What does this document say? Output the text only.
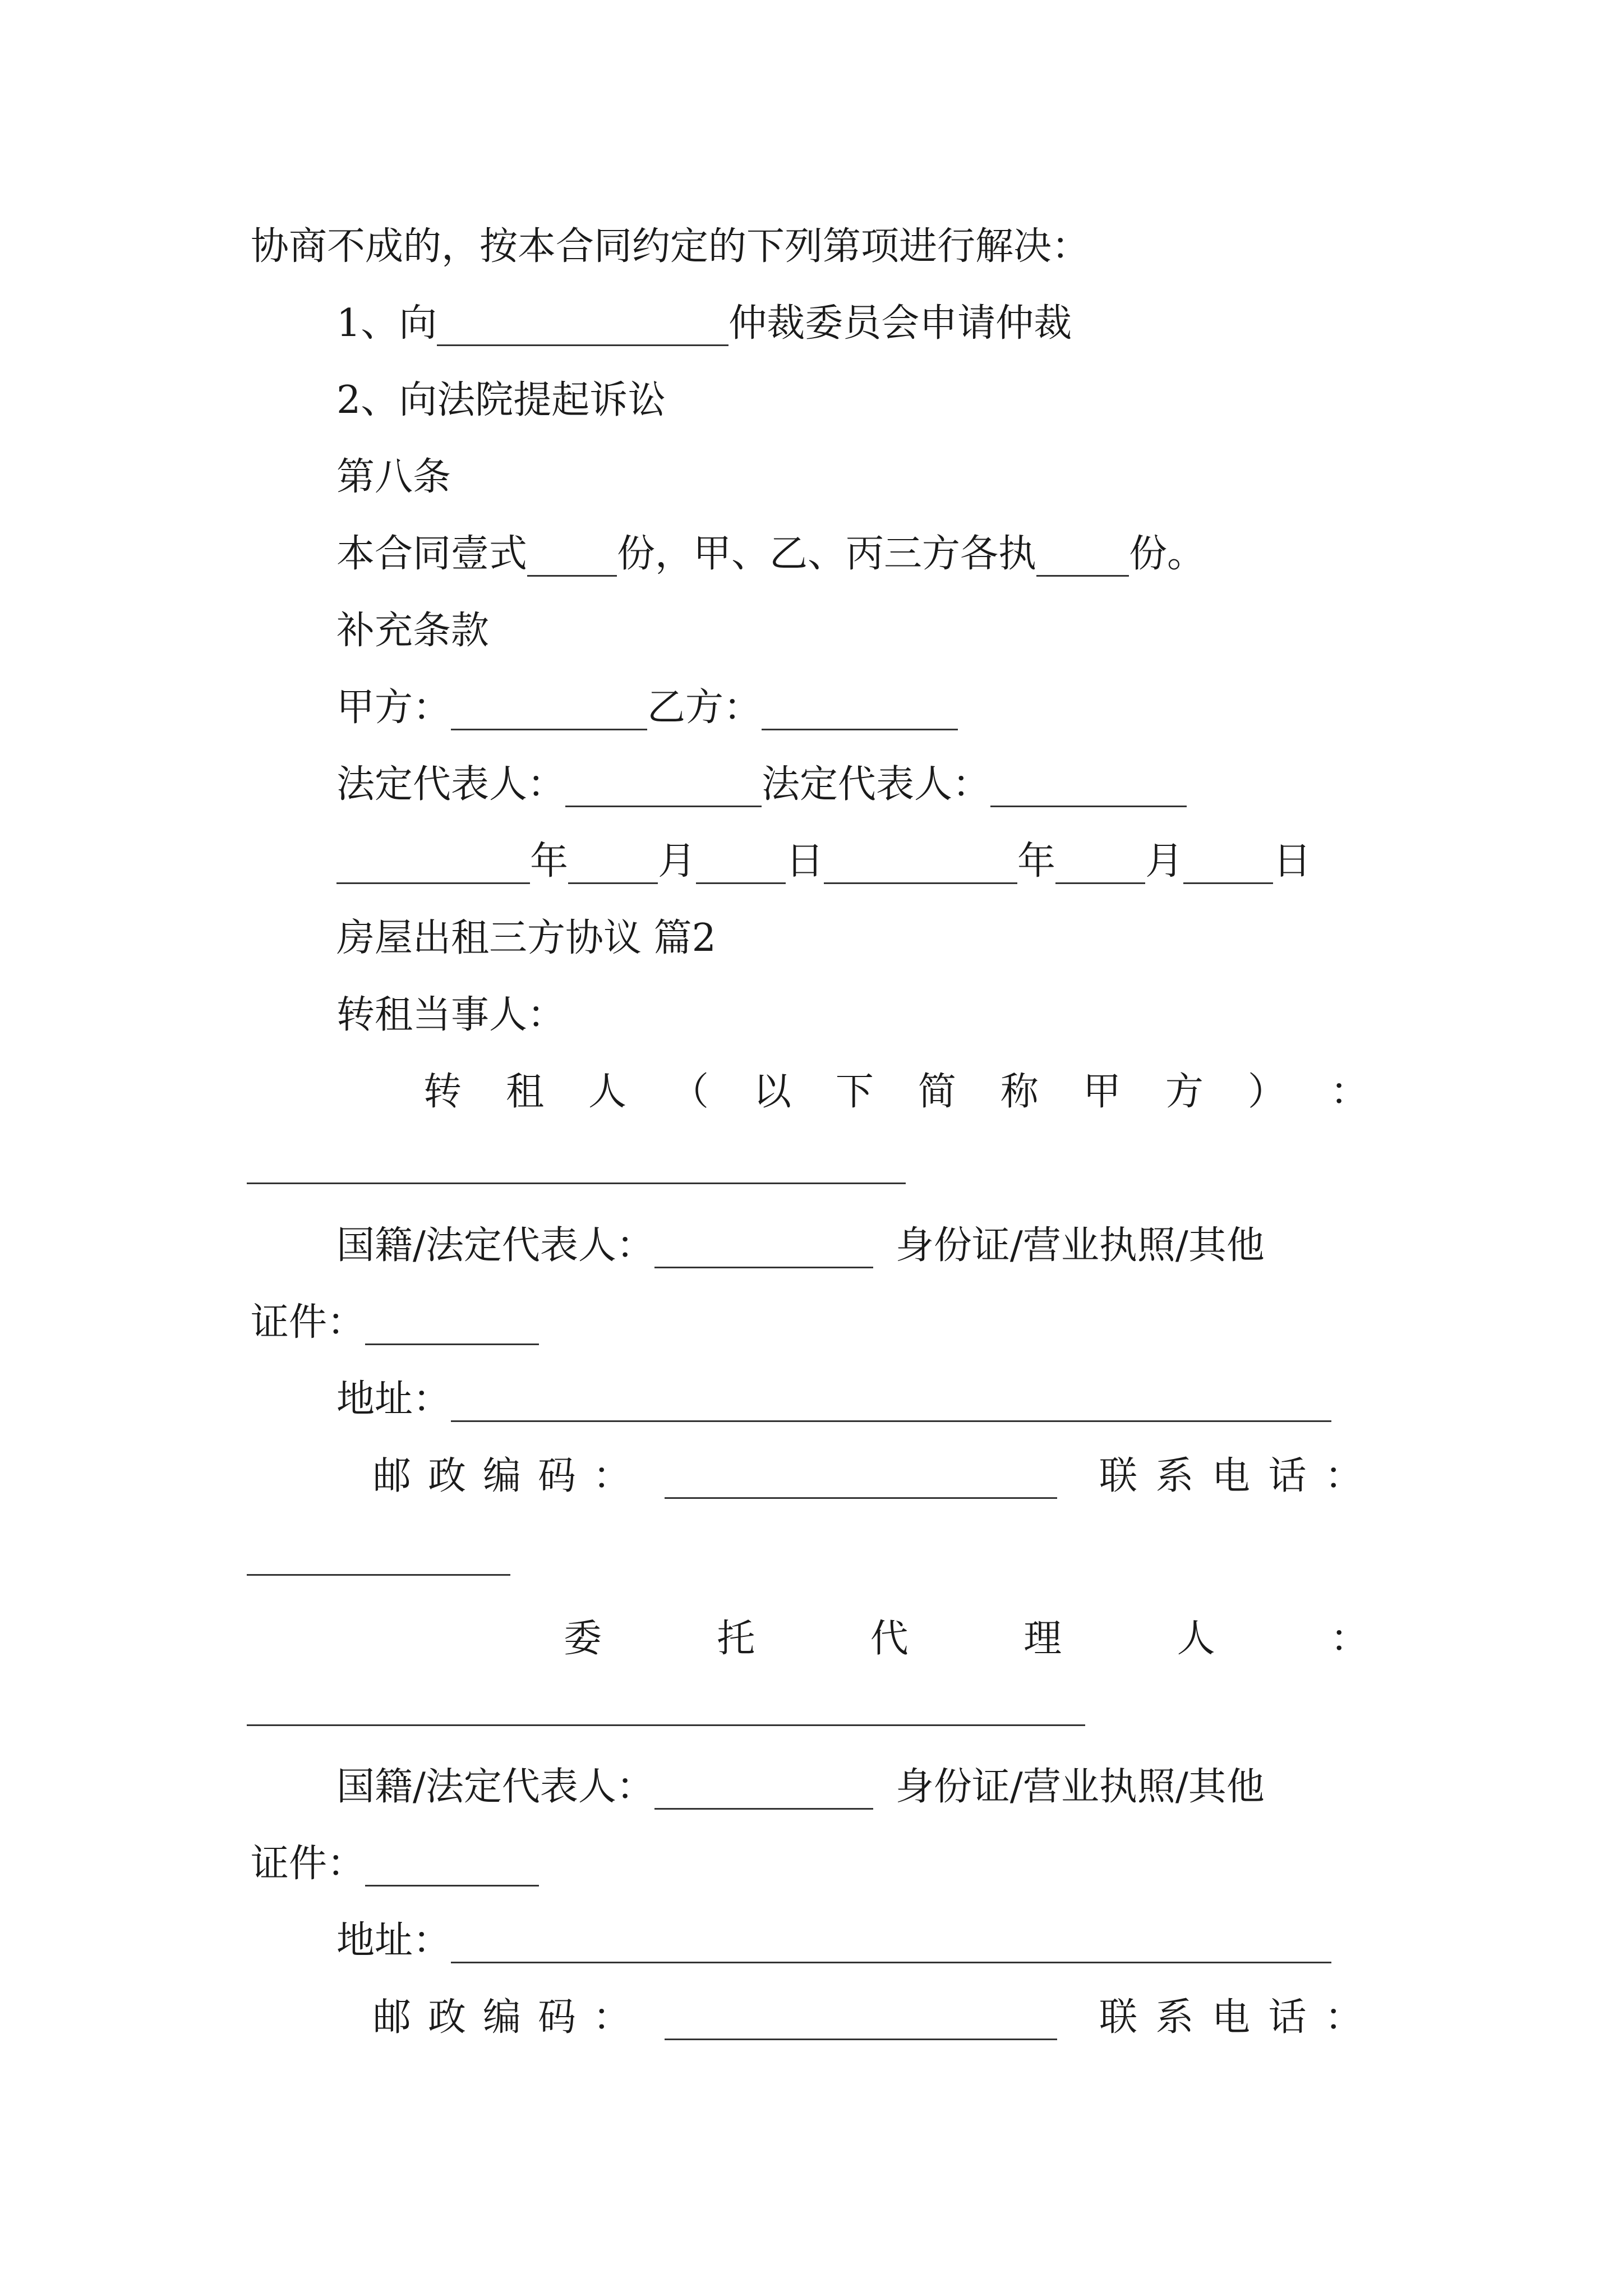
协商不成的，按本合同约定的下列第项进行解决：
1、向	仲裁委员会申请仲裁
2、向法院提起诉讼
第八条
本合同壹式 份，甲、乙、丙三方各执 份。
补充条款
甲方：	乙方：
法定代表人：	法定代表人：
年 月 日	年 月 日
房屋出租三方协议 篇2
转租当事人：
转 租 人 （ 以 下 简 称 甲 方 ） ：
国籍/法定代表人：	身份证/营业执照/其他
证件：
地址：
邮 政 编 码 ：	联 系 电 话 ：
委	托	代	理	人	：
国籍/法定代表人：	身份证/营业执照/其他
证件：
地址：
邮 政 编 码 ：	联 系 电 话 ：
